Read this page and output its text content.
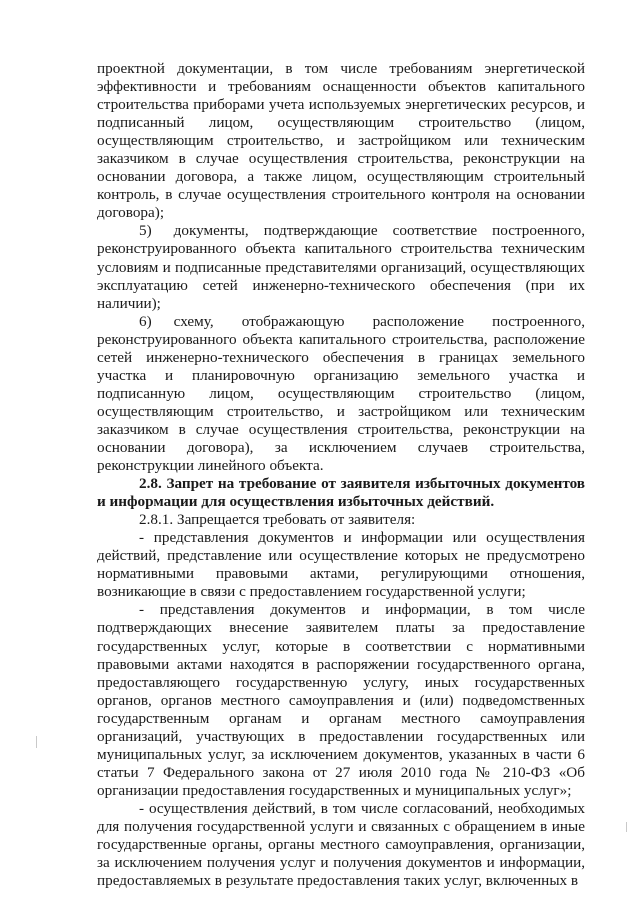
проектной документации, в том числе требованиям энергетической эффективности и требованиям оснащенности объектов капитального строительства приборами учета используемых энергетических ресурсов, и подписанный лицом, осуществляющим строительство (лицом, осуществляющим строительство, и застройщиком или техническим заказчиком в случае осуществления строительства, реконструкции на основании договора, а также лицом, осуществляющим строительный контроль, в случае осуществления строительного контроля на основании договора);

5) документы, подтверждающие соответствие построенного, реконструированного объекта капитального строительства техническим условиям и подписанные представителями организаций, осуществляющих эксплуатацию сетей инженерно-технического обеспечения (при их наличии);

6) схему, отображающую расположение построенного, реконструированного объекта капитального строительства, расположение сетей инженерно-технического обеспечения в границах земельного участка и планировочную организацию земельного участка и подписанную лицом, осуществляющим строительство (лицом, осуществляющим строительство, и застройщиком или техническим заказчиком в случае осуществления строительства, реконструкции на основании договора), за исключением случаев строительства, реконструкции линейного объекта.

2.8. Запрет на требование от заявителя избыточных документов и информации для осуществления избыточных действий.

2.8.1. Запрещается требовать от заявителя:

- представления документов и информации или осуществления действий, представление или осуществление которых не предусмотрено нормативными правовыми актами, регулирующими отношения, возникающие в связи с предоставлением государственной услуги;

- представления документов и информации, в том числе подтверждающих внесение заявителем платы за предоставление государственных услуг, которые в соответствии с нормативными правовыми актами находятся в распоряжении государственного органа, предоставляющего государственную услугу, иных государственных органов, органов местного самоуправления и (или) подведомственных государственным органам и органам местного самоуправления организаций, участвующих в предоставлении государственных или муниципальных услуг, за исключением документов, указанных в части 6 статьи 7 Федерального закона от 27 июля 2010 года № 210-ФЗ «Об организации предоставления государственных и муниципальных услуг»;

- осуществления действий, в том числе согласований, необходимых для получения государственной услуги и связанных с обращением в иные государственные органы, органы местного самоуправления, организации, за исключением получения услуг и получения документов и информации, предоставляемых в результате предоставления таких услуг, включенных в
